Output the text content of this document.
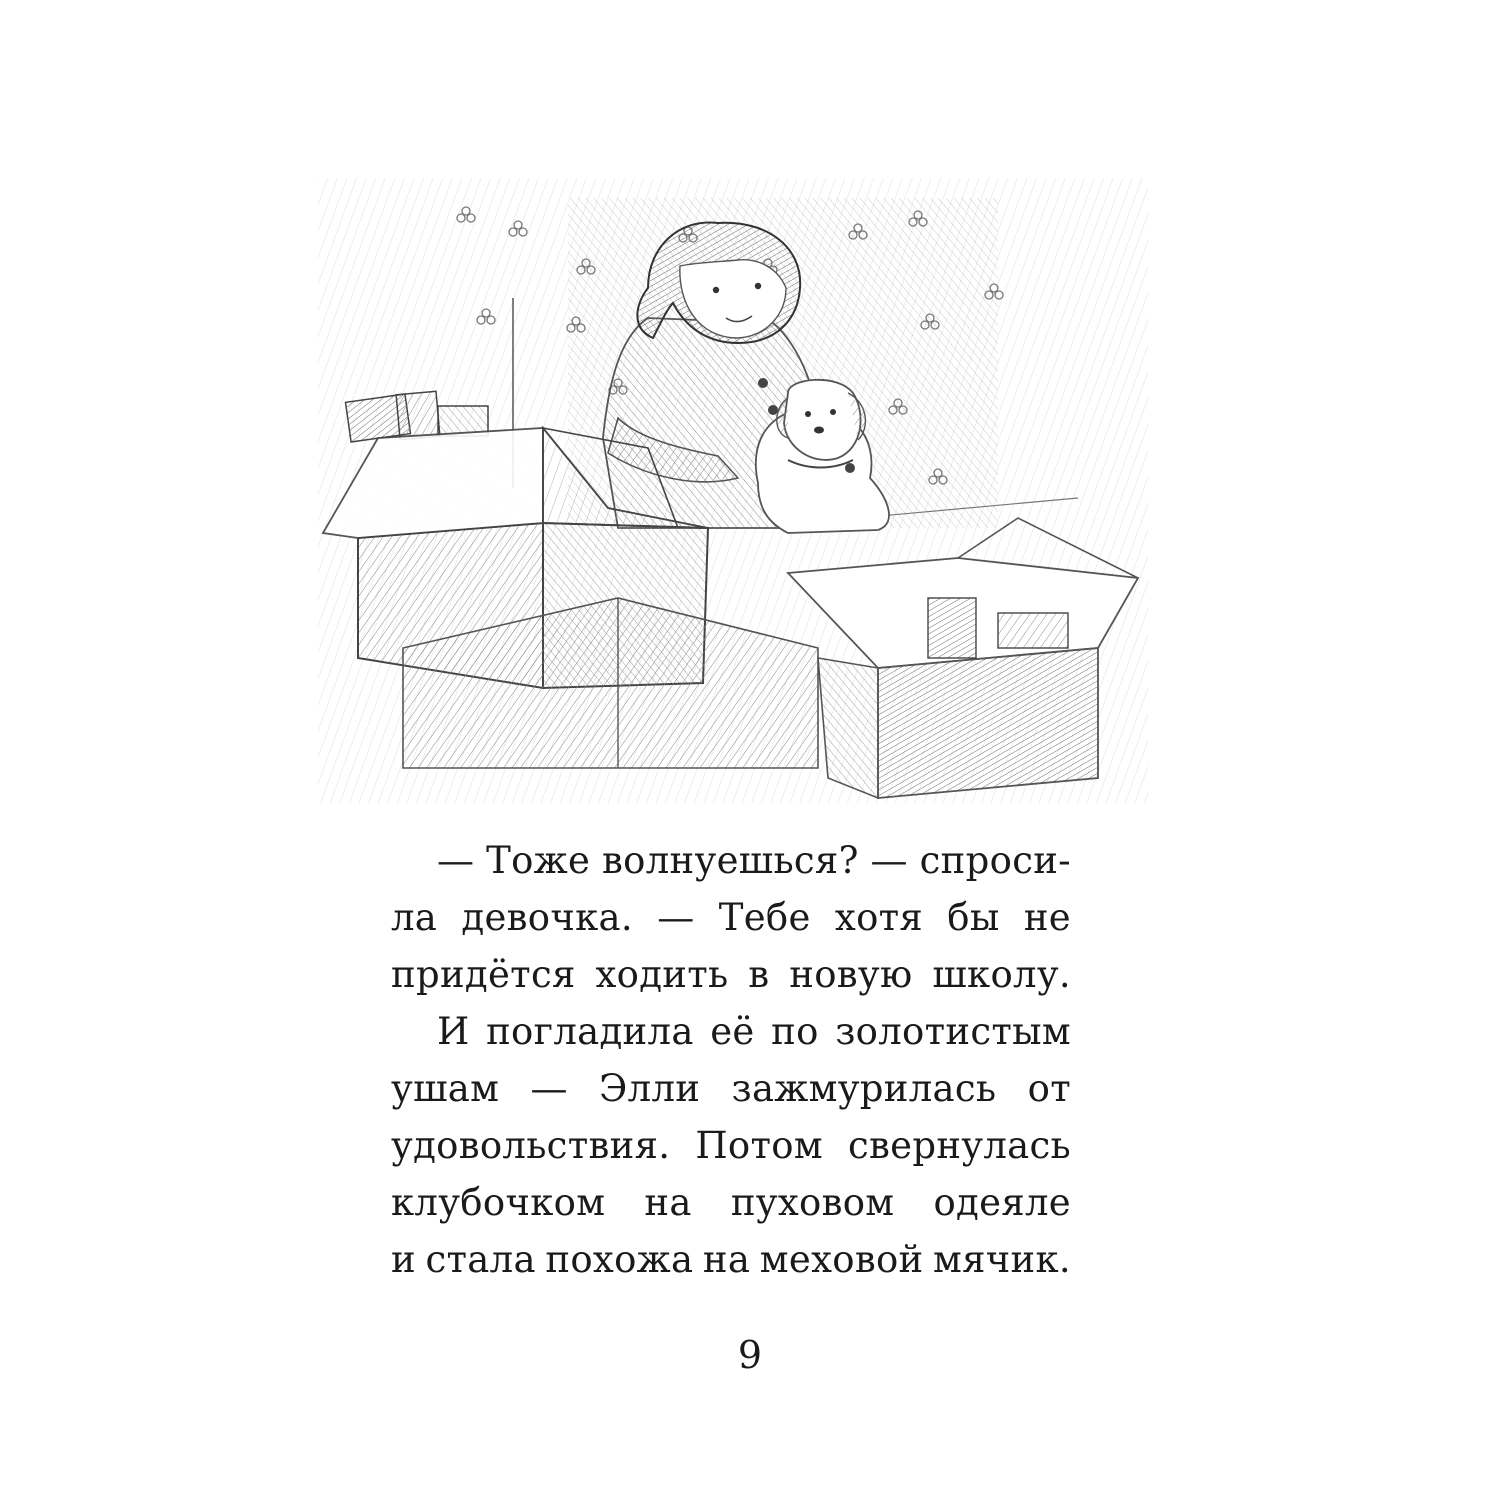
— Тоже волнуешься? — спроси-
ла девочка. — Тебе хотя бы не
придётся ходить в новую школу.
И погладила её по золотистым
ушам — Элли зажмурилась от
удовольствия. Потом свернулась
клубочком на пуховом одеяле
и стала похожа на меховой мячик.
9
